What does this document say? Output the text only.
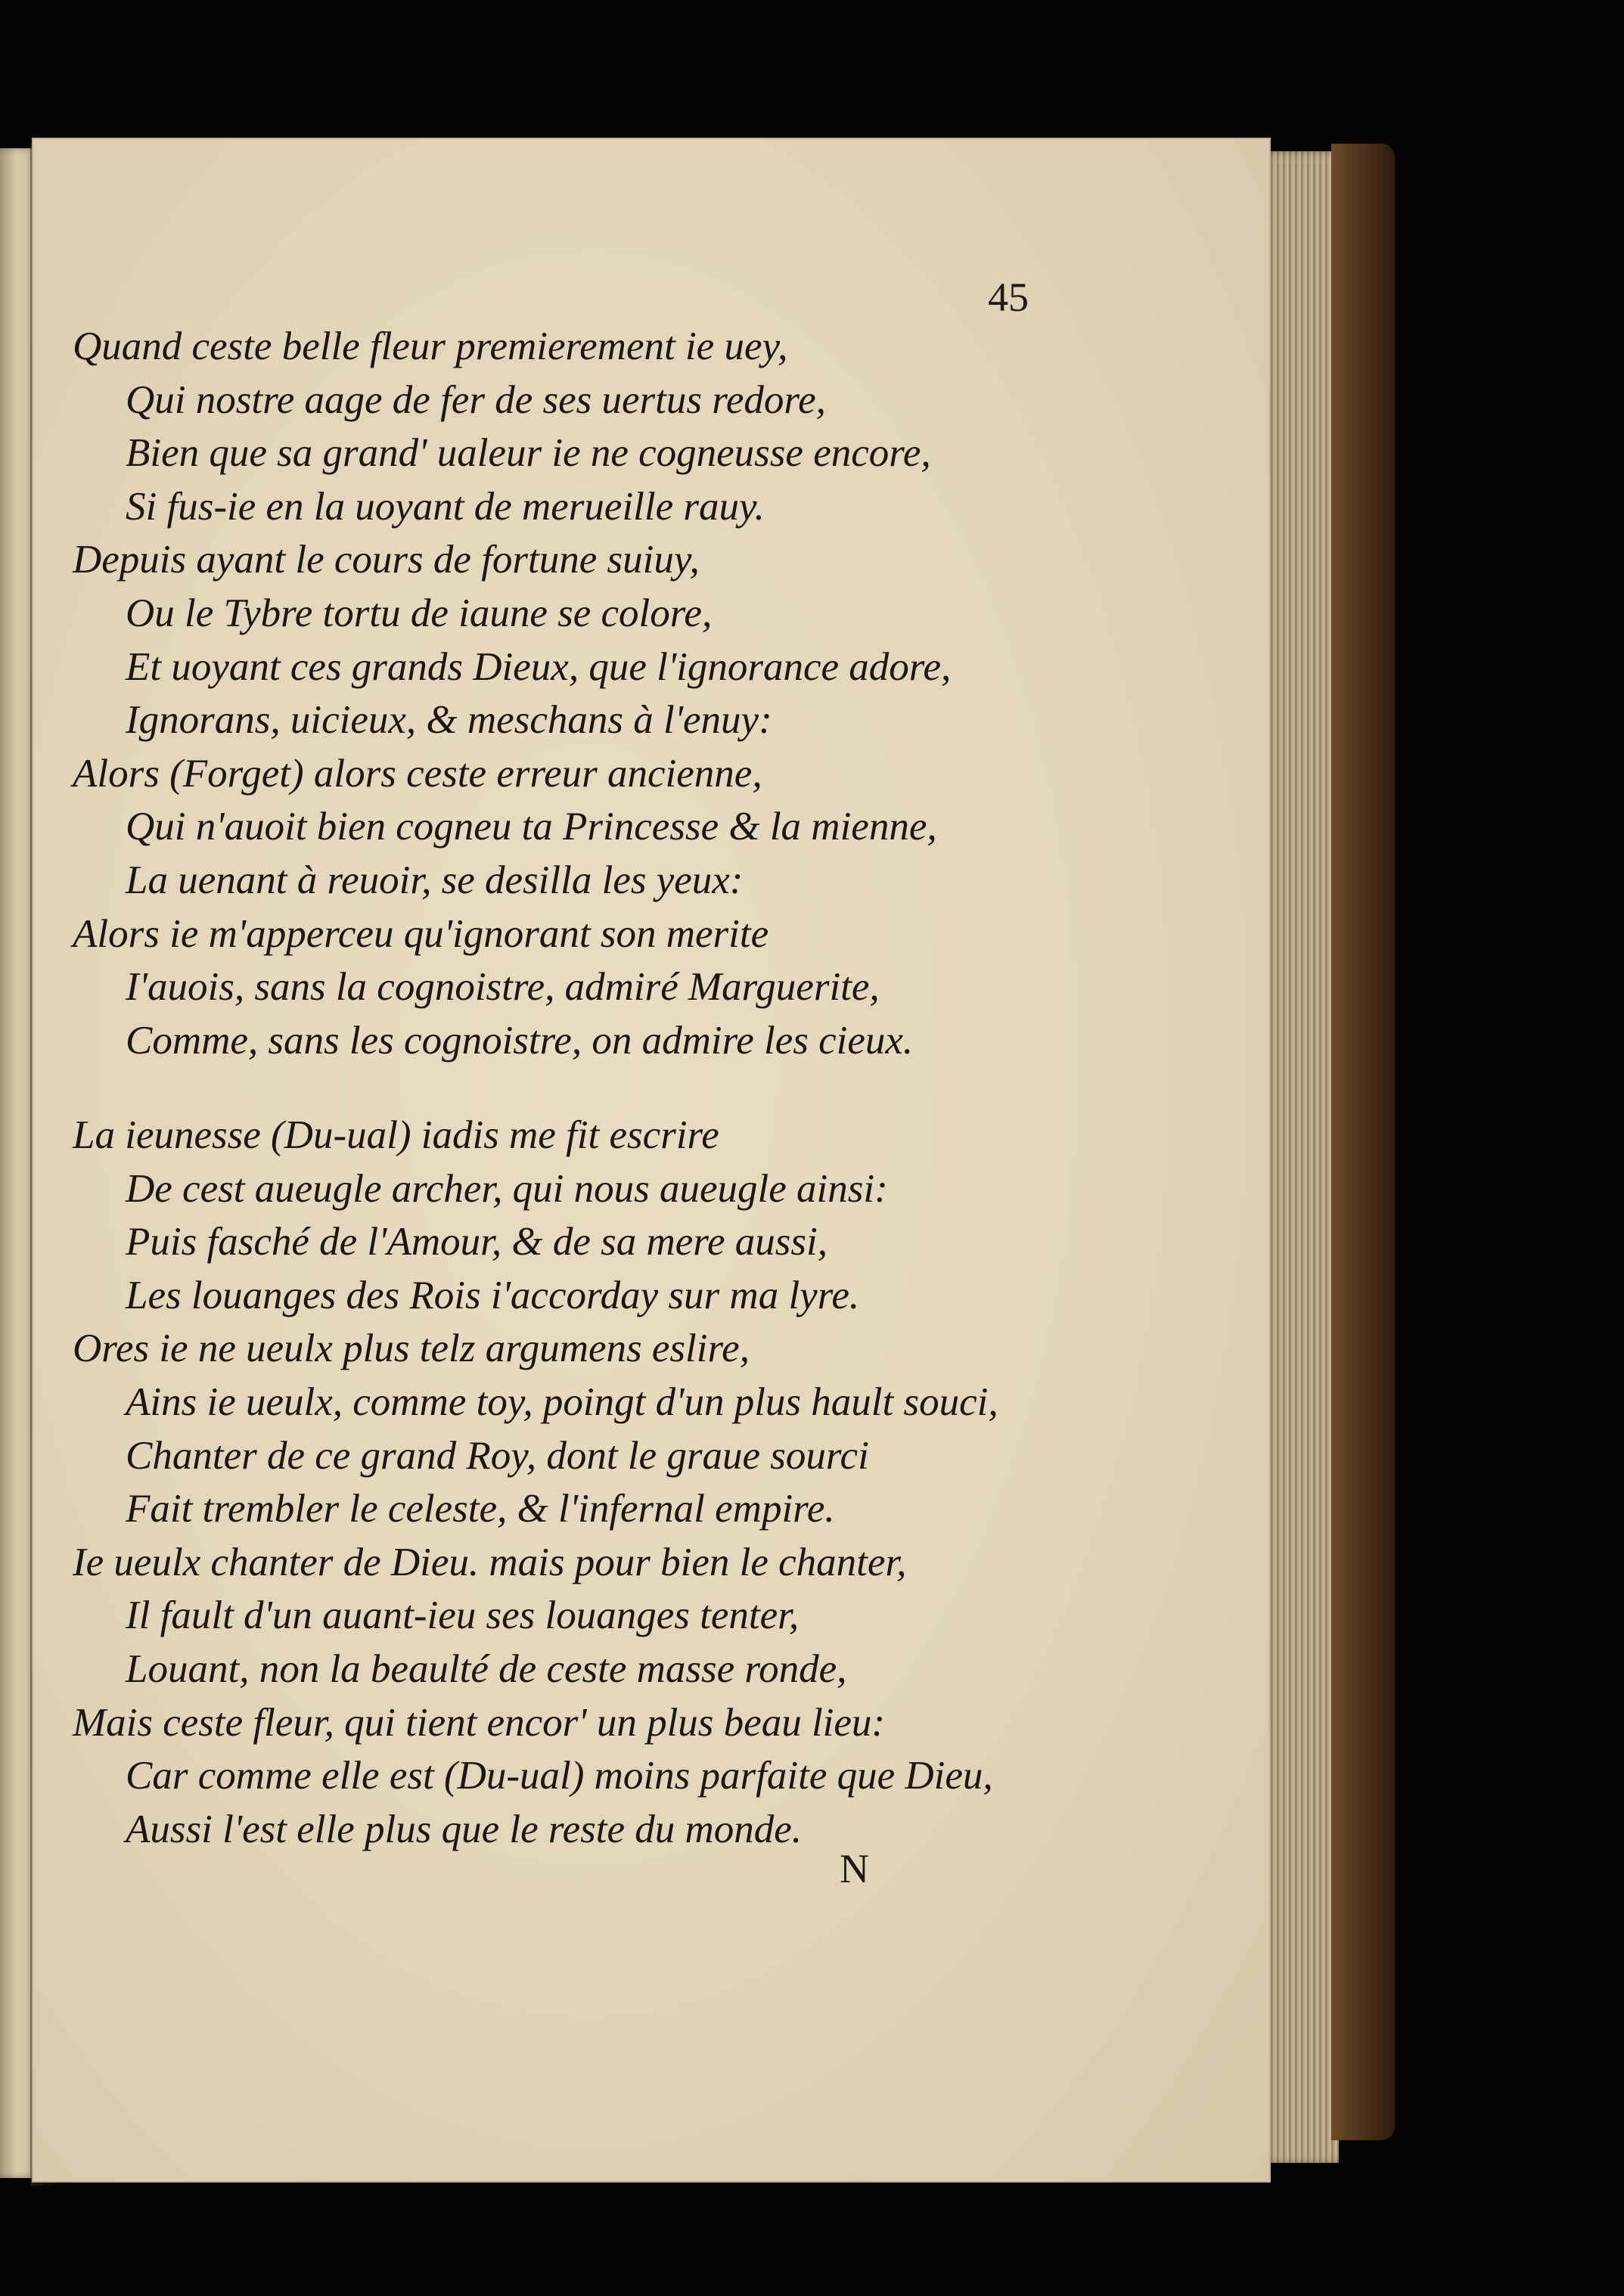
45
Quand ceste belle fleur premierement ie uey,
Qui nostre aage de fer de ses uertus redore,
Bien que sa grand' ualeur ie ne cogneusse encore,
Si fus-ie en la uoyant de merueille rauy.
Depuis ayant le cours de fortune suiuy,
Ou le Tybre tortu de iaune se colore,
Et uoyant ces grands Dieux, que l'ignorance adore,
Ignorans, uicieux, & meschans à l'enuy:
Alors (Forget) alors ceste erreur ancienne,
Qui n'auoit bien cogneu ta Princesse & la mienne,
La uenant à reuoir, se desilla les yeux:
Alors ie m'apperceu qu'ignorant son merite
I'auois, sans la cognoistre, admiré Marguerite,
Comme, sans les cognoistre, on admire les cieux.
La ieunesse (Du-ual) iadis me fit escrire
De cest aueugle archer, qui nous aueugle ainsi:
Puis fasché de l'Amour, & de sa mere aussi,
Les louanges des Rois i'accorday sur ma lyre.
Ores ie ne ueulx plus telz argumens eslire,
Ains ie ueulx, comme toy, poingt d'un plus hault souci,
Chanter de ce grand Roy, dont le graue sourci
Fait trembler le celeste, & l'infernal empire.
Ie ueulx chanter de Dieu. mais pour bien le chanter,
Il fault d'un auant-ieu ses louanges tenter,
Louant, non la beaulté de ceste masse ronde,
Mais ceste fleur, qui tient encor' un plus beau lieu:
Car comme elle est (Du-ual) moins parfaite que Dieu,
Aussi l'est elle plus que le reste du monde.
N
